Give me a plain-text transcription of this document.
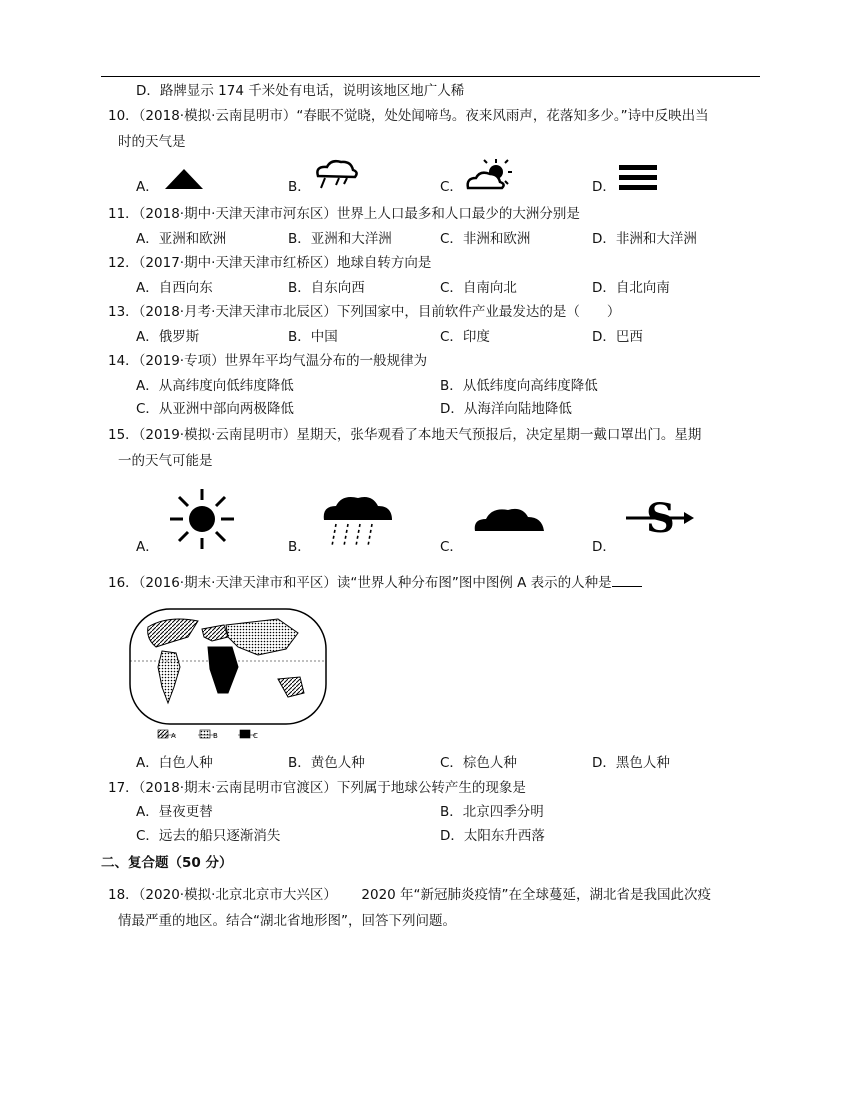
D．路牌显示 174 千米处有电话，说明该地区地广人稀
10．（2018·模拟·云南昆明市）“春眠不觉晓，处处闻啼鸟。夜来风雨声，花落知多少。”诗中反映出当
时的天气是
A．	B．	C．	D．
11．（2018·期中·天津天津市河东区）世界上人口最多和人口最少的大洲分别是
A．亚洲和欧洲	B．亚洲和大洋洲	C．非洲和欧洲	D．非洲和大洋洲
12．（2017·期中·天津天津市红桥区）地球自转方向是
A．自西向东	B．自东向西	C．自南向北	D．自北向南
13．（2018·月考·天津天津市北辰区）下列国家中，目前软件产业最发达的是（　　）
A．俄罗斯	B．中国	C．印度	D．巴西
14．（2019·专项）世界年平均气温分布的一般规律为
A．从高纬度向低纬度降低	B．从低纬度向高纬度降低
C．从亚洲中部向两极降低	D．从海洋向陆地降低
15．（2019·模拟·云南昆明市）星期天，张华观看了本地天气预报后，决定星期一戴口罩出门。星期
一的天气可能是
A．	B．	C．	D．
S
16．（2016·期末·天津天津市和平区）读“世界人种分布图”图中图例 A 表示的人种是
A	B	C
A．白色人种	B．黄色人种	C．棕色人种	D．黑色人种
17．（2018·期末·云南昆明市官渡区）下列属于地球公转产生的现象是
A．昼夜更替	B．北京四季分明
C．远去的船只逐渐消失	D．太阳东升西落
二、复合题（50 分）
18．（2020·模拟·北京北京市大兴区）　　 2020 年“新冠肺炎疫情”在全球蔓延，湖北省是我国此次疫
情最严重的地区。结合“湖北省地形图”，回答下列问题。
